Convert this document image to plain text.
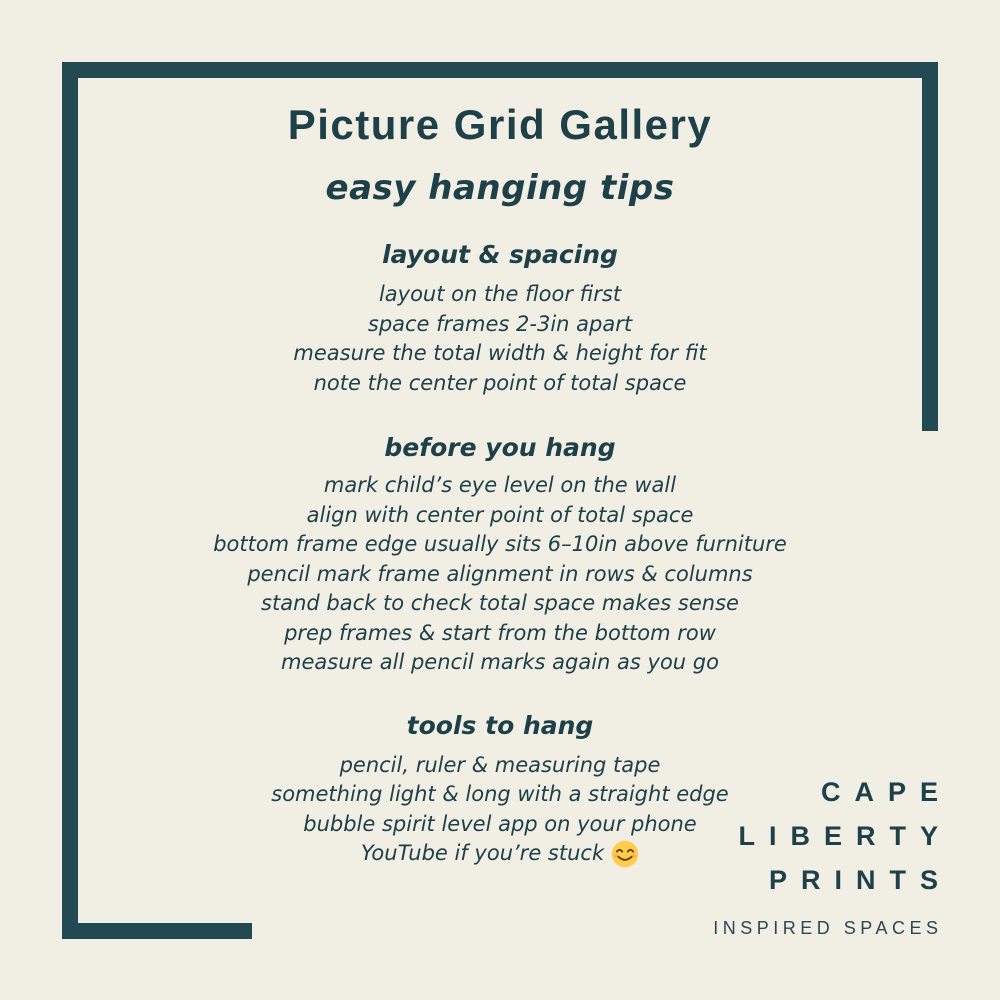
Picture Grid Gallery
easy hanging tips
layout & spacing

layout on the floor first

space frames 2-3in apart

measure the total width & height for fit

note the center point of total space

before you hang

mark child’s eye level on the wall

align with center point of total space

bottom frame edge usually sits 6–10in above furniture

pencil mark frame alignment in rows & columns

stand back to check total space makes sense

prep frames & start from the bottom row

measure all pencil marks again as you go

tools to hang

pencil, ruler & measuring tape

something light & long with a straight edge

bubble spirit level app on your phone

YouTube if you’re stuck

CAPE
LIBERTY
PRINTS
INSPIRED SPACES
